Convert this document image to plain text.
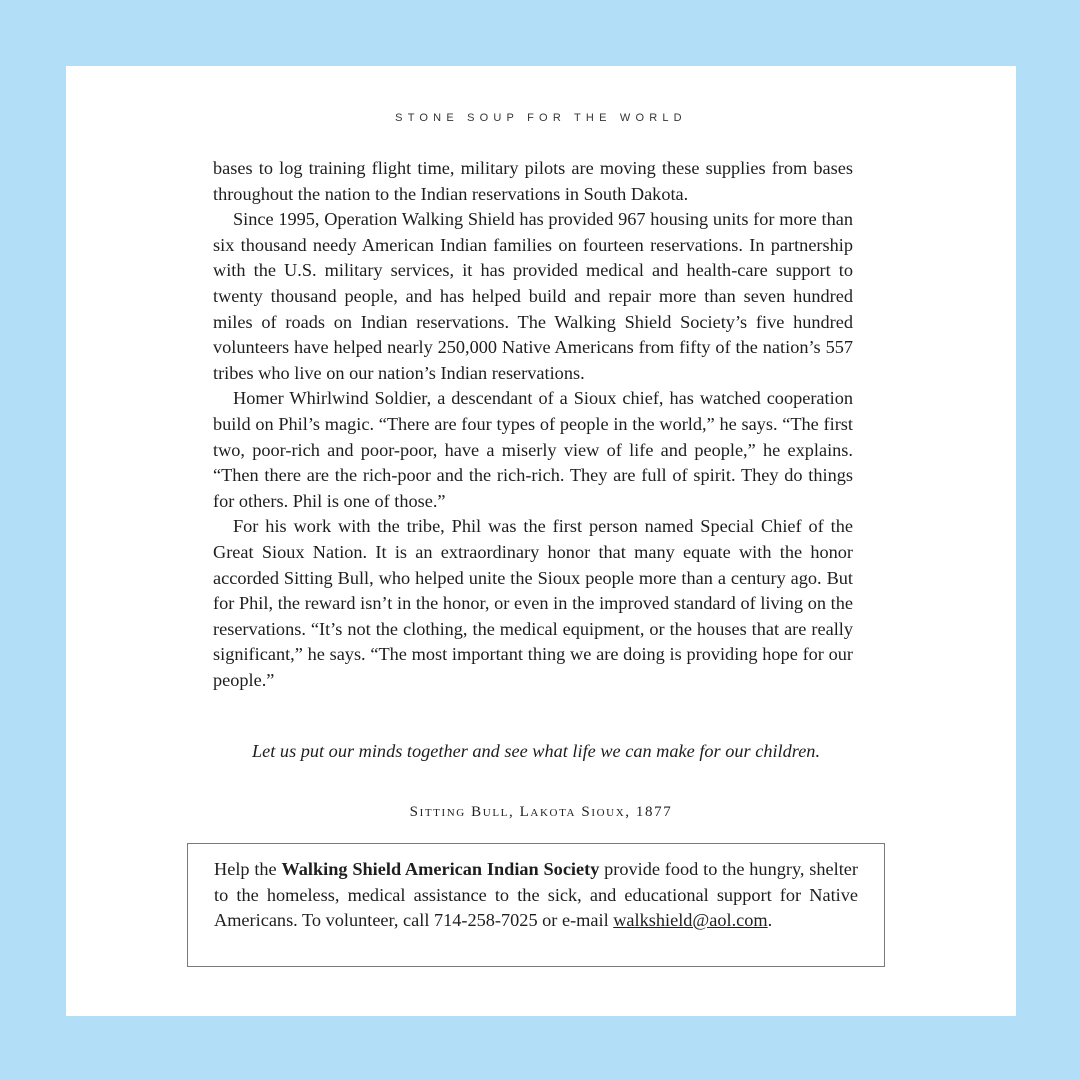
STONE SOUP FOR THE WORLD

bases to log training flight time, military pilots are moving these supplies from bases throughout the nation to the Indian reservations in South Dakota.

Since 1995, Operation Walking Shield has provided 967 housing units for more than six thousand needy American Indian families on fourteen reservations. In partnership with the U.S. military services, it has provided medical and health-care support to twenty thousand people, and has helped build and repair more than seven hundred miles of roads on Indian reservations. The Walking Shield Society’s five hundred volunteers have helped nearly 250,000 Native Americans from fifty of the nation’s 557 tribes who live on our nation’s Indian reservations.

Homer Whirlwind Soldier, a descendant of a Sioux chief, has watched cooperation build on Phil’s magic. “There are four types of people in the world,” he says. “The first two, poor-rich and poor-poor, have a miserly view of life and people,” he explains. “Then there are the rich-poor and the rich-rich. They are full of spirit. They do things for others. Phil is one of those.”

For his work with the tribe, Phil was the first person named Special Chief of the Great Sioux Nation. It is an extraordinary honor that many equate with the honor accorded Sitting Bull, who helped unite the Sioux people more than a century ago. But for Phil, the reward isn’t in the honor, or even in the improved standard of living on the reservations. “It’s not the clothing, the medical equipment, or the houses that are really significant,” he says. “The most important thing we are doing is providing hope for our people.”

Let us put our minds together and see what life we can make for our children.

Sitting Bull, Lakota Sioux, 1877

Help the Walking Shield American Indian Society provide food to the hungry, shelter to the homeless, medical assistance to the sick, and educational support for Native Americans. To volunteer, call 714-258-7025 or e-mail walkshield@aol.com.
